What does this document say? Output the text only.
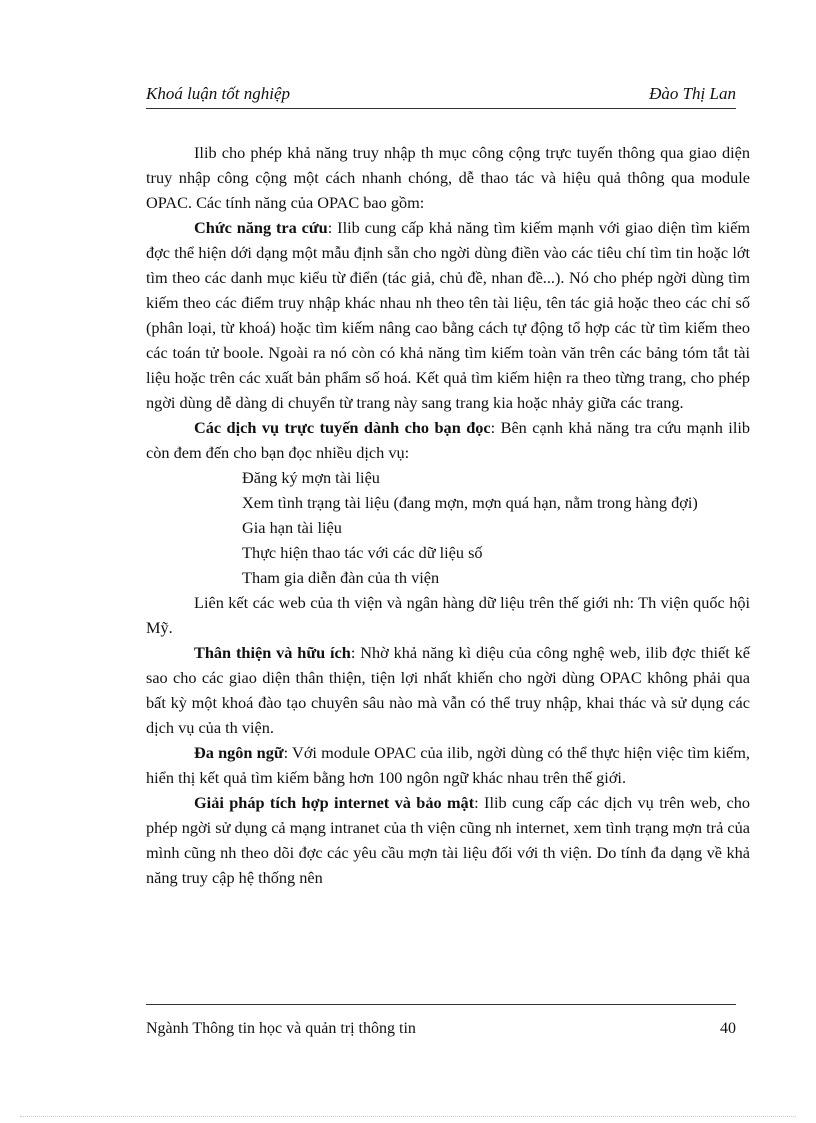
Khoá luận tốt nghiệp	Đào Thị Lan

Ilib cho phép khả năng truy nhập th mục công cộng trực tuyến thông qua giao diện truy nhập công cộng một cách nhanh chóng, dễ thao tác và hiệu quả thông qua module OPAC. Các tính năng của OPAC bao gồm:

Chức năng tra cứu: Ilib cung cấp khả năng tìm kiếm mạnh với giao diện tìm kiếm đợc thể hiện dới dạng một mẫu định sẵn cho ngời dùng điền vào các tiêu chí tìm tin hoặc lớt tìm theo các danh mục kiểu từ điển (tác giả, chủ đề, nhan đề...). Nó cho phép ngời dùng tìm kiếm theo các điểm truy nhập khác nhau nh theo tên tài liệu, tên tác giả hoặc theo các chỉ số (phân loại, từ khoá) hoặc tìm kiếm nâng cao bằng cách tự động tổ hợp các từ tìm kiếm theo các toán tử boole. Ngoài ra nó còn có khả năng tìm kiếm toàn văn trên các bảng tóm tắt tài liệu hoặc trên các xuất bản phẩm số hoá. Kết quả tìm kiếm hiện ra theo từng trang, cho phép ngời dùng dễ dàng di chuyển từ trang này sang trang kia hoặc nhảy giữa các trang.

Các dịch vụ trực tuyến dành cho bạn đọc: Bên cạnh khả năng tra cứu mạnh ilib còn đem đến cho bạn đọc nhiều dịch vụ:

Đăng ký mợn tài liệu

Xem tình trạng tài liệu (đang mợn, mợn quá hạn, nằm trong hàng đợi)

Gia hạn tài liệu

Thực hiện thao tác với các dữ liệu số

Tham gia diễn đàn của th viện

Liên kết các web của th viện và ngân hàng dữ liệu trên thế giới nh: Th viện quốc hội Mỹ.

Thân thiện và hữu ích: Nhờ khả năng kì diệu của công nghệ web, ilib đợc thiết kế sao cho các giao diện thân thiện, tiện lợi nhất khiến cho ngời dùng OPAC không phải qua bất kỳ một khoá đào tạo chuyên sâu nào mà vẫn có thể truy nhập, khai thác và sử dụng các dịch vụ của th viện.

Đa ngôn ngữ: Với module OPAC của ilib, ngời dùng có thể thực hiện việc tìm kiếm, hiển thị kết quả tìm kiếm bằng hơn 100 ngôn ngữ khác nhau trên thế giới.

Giải pháp tích hợp internet và bảo mật: Ilib cung cấp các dịch vụ trên web, cho phép ngời sử dụng cả mạng intranet của th viện cũng nh internet, xem tình trạng mợn trả của mình cũng nh theo dõi đợc các yêu cầu mợn tài liệu đối với th viện. Do tính đa dạng về khả năng truy cập hệ thống nên

Ngành Thông tin học và quản trị thông tin	40
